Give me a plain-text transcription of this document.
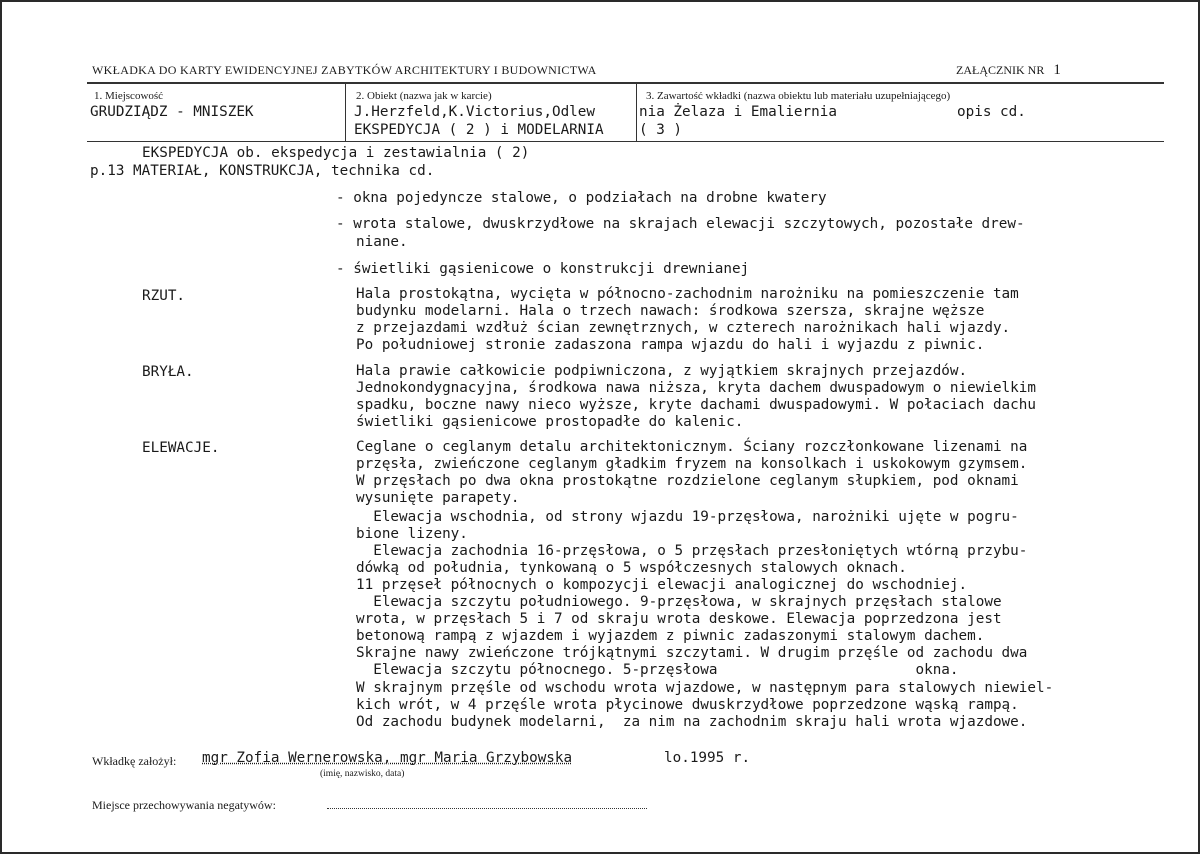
WKŁADKA DO KARTY EWIDENCYJNEJ ZABYTKÓW ARCHITEKTURY I BUDOWNICTWA	ZAŁĄCZNIK NR 1
1. Miejscowość
GRUDZIĄDZ - MNISZEK
2. Obiekt (nazwa jak w karcie)
J.Herzfeld,K.Victorius,Odlew
EKSPEDYCJA ( 2 ) i MODELARNIA
3. Zawartość wkładki (nazwa obiektu lub materiału uzupełniającego)
nia Żelaza i Emaliernia	opis cd.
( 3 )
EKSPEDYCJA ob. ekspedycja i zestawialnia ( 2)
p.13 MATERIAŁ, KONSTRUKCJA, technika cd.
- okna pojedyncze stalowe, o podziałach na drobne kwatery
- wrota stalowe, dwuskrzydłowe na skrajach elewacji szczytowych, pozostałe drew-
niane.
- świetliki gąsienicowe o konstrukcji drewnianej
RZUT.	Hala prostokątna, wycięta w północno-zachodnim narożniku na pomieszczenie tam
budynku modelarni. Hala o trzech nawach: środkowa szersza, skrajne węższe
z przejazdami wzdłuż ścian zewnętrznych, w czterech narożnikach hali wjazdy.
Po południowej stronie zadaszona rampa wjazdu do hali i wyjazdu z piwnic.
BRYŁA.	Hala prawie całkowicie podpiwniczona, z wyjątkiem skrajnych przejazdów.
Jednokondygnacyjna, środkowa nawa niższa, kryta dachem dwuspadowym o niewielkim
spadku, boczne nawy nieco wyższe, kryte dachami dwuspadowymi. W połaciach dachu
świetliki gąsienicowe prostopadłe do kalenic.
ELEWACJE.	Ceglane o ceglanym detalu architektonicznym. Ściany rozczłonkowane lizenami na
przęsła, zwieńczone ceglanym gładkim fryzem na konsolkach i uskokowym gzymsem.
W przęsłach po dwa okna prostokątne rozdzielone ceglanym słupkiem, pod oknami
wysunięte parapety.
Elewacja wschodnia, od strony wjazdu 19-przęsłowa, narożniki ujęte w pogru-
bione lizeny.
Elewacja zachodnia 16-przęsłowa, o 5 przęsłach przesłoniętych wtórną przybu-
dówką od południa, tynkowaną o 5 współczesnych stalowych oknach.
11 przęseł północnych o kompozycji elewacji analogicznej do wschodniej.
Elewacja szczytu południowego. 9-przęsłowa, w skrajnych przęsłach stalowe
wrota, w przęsłach 5 i 7 od skraju wrota deskowe. Elewacja poprzedzona jest
betonową rampą z wjazdem i wyjazdem z piwnic zadaszonymi stalowym dachem.
Skrajne nawy zwieńczone trójkątnymi szczytami. W drugim przęśle od zachodu dwa
Elewacja szczytu północnego. 5-przęsłowa                       okna.
W skrajnym przęśle od wschodu wrota wjazdowe, w następnym para stalowych niewiel-
kich wrót, w 4 przęśle wrota płycinowe dwuskrzydłowe poprzedzone wąską rampą.
Od zachodu budynek modelarni,  za nim na zachodnim skraju hali wrota wjazdowe.
Wkładkę założył: mgr Zofia Wernerowska, mgr Maria Grzybowska	lo.1995 r.
(imię, nazwisko, data)
Miejsce przechowywania negatywów:
